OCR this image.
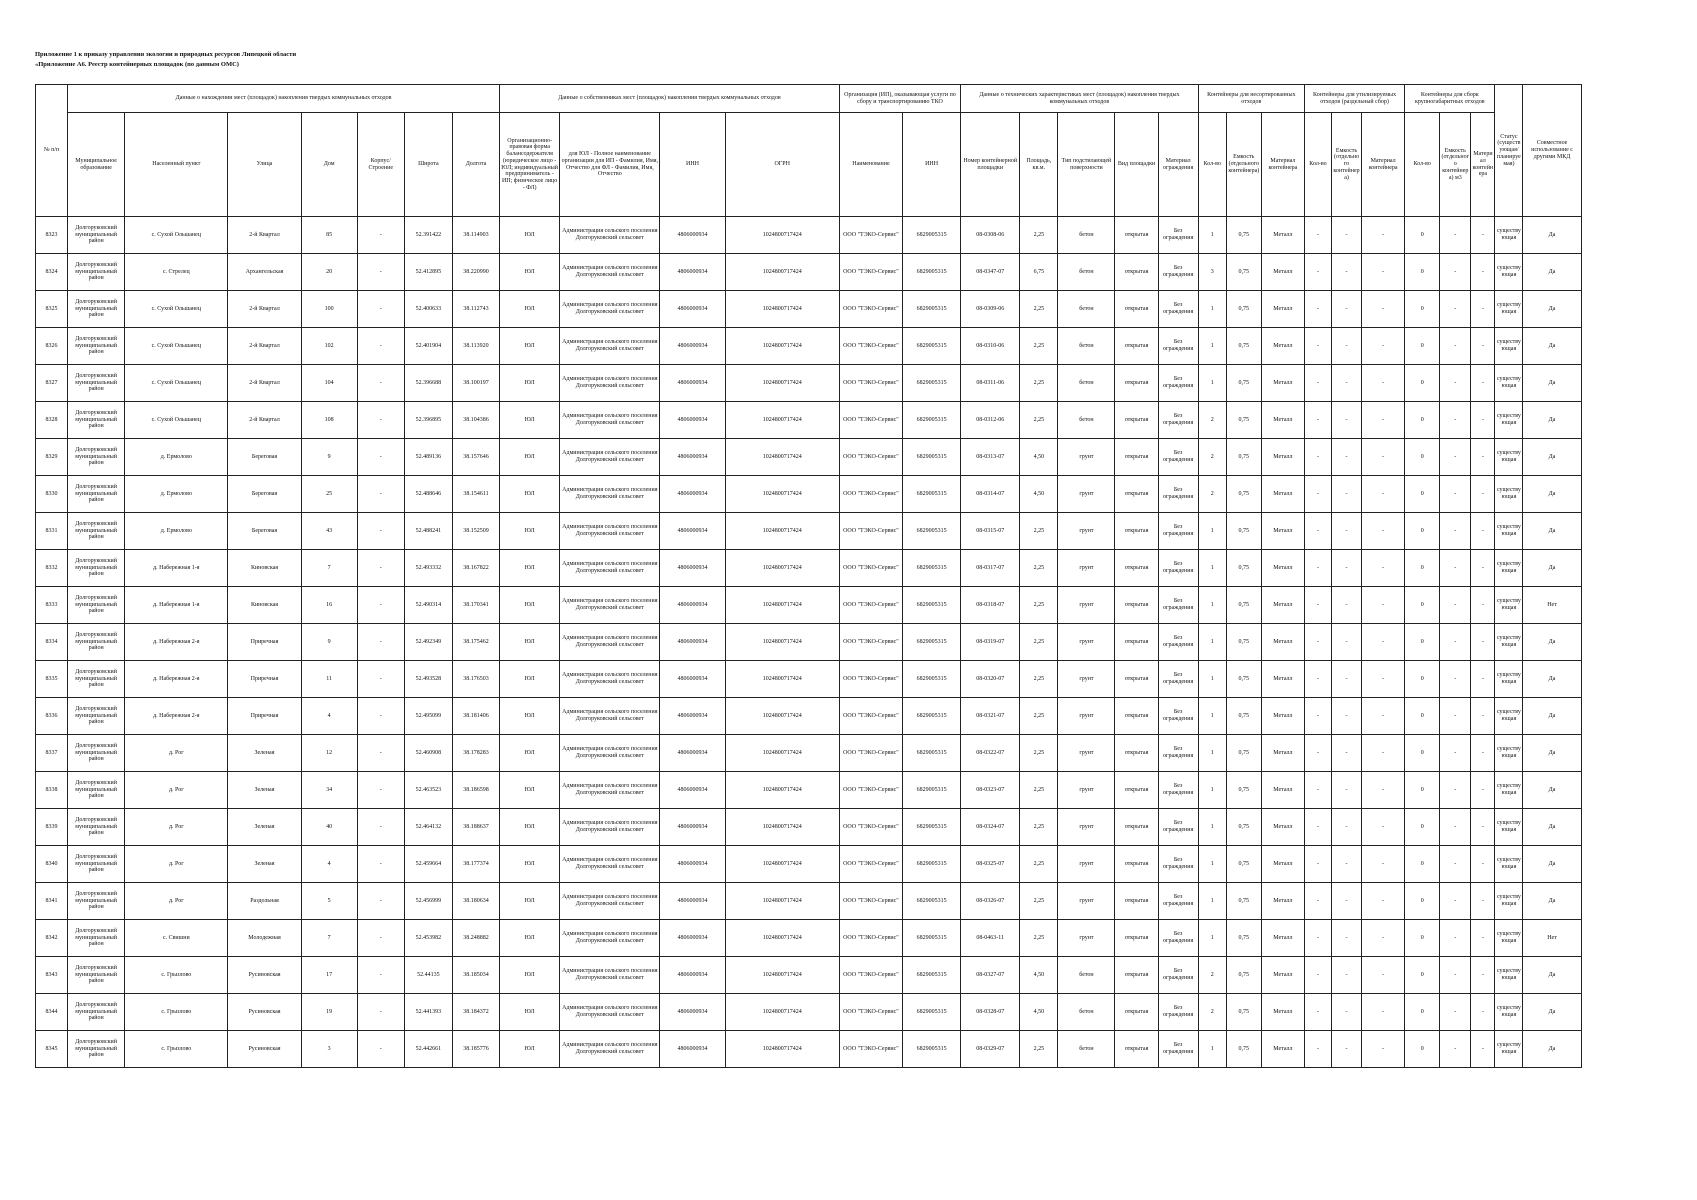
Приложение 1 к приказу управления экологии и природных ресурсов Липецкой области
«Приложение А6. Реестр контейнерных площадок (по данным ОМС)
№ п/п	Данные о нахождении мест (площадок) накопления твердых коммунальных отходов							Данные о собственниках мест (площадок) накопления твердых коммунальных отходов				Организация (ИП), оказывающая услуги по сбору и транспортированию ТКО		Данные о технических характеристиках мест (площадок) накопления твердых коммунальных отходов					Контейнеры для несортированных отходов			Контейнеры для утилизируемых отходов (раздельный сбор)			Контейнеры для сборк крупногабаритных отходов			Статус (существующая/ планируемая)	Совместное использование с другими МКД

	Муниципальное образование	Населенный пункт	Улица	Дом	Корпус/Строение	Широта	Долгота	Организационно-правовая форма балансодержателя (юридическое лицо - ЮЛ; индивидуальный предприниматель - ИП; физическое лицо - ФЛ)	для ЮЛ - Полное наименование организации для ИП - Фамилия, Имя, Отчество для ФЛ - Фамилия, Имя, Отчество	ИНН	ОГРН	Наименование	ИНН	Номер контейнерной площадки	Площадь, кв.м.	Тип подстилающей поверхности	Вид площадки	Материал ограждения	Кол-во	Емкость (отдельного контейнера)	Материал контейнера	Кол-во	Емкость (отдельного контейнера)	Материал контейнера	Кол-во	Емкость (отдельного контейнера) м3	Материал контейнера		
8323	Долгоруковский муниципальный район	с. Сухой Ольшанец	2-й Квартал	85	-	52.391422	38.114903	ЮЛ	Администрация сельского поселения Долгоруковский сельсовет	4806000934	1024800717424	ООО "ТЭКО-Сервис"	6829005315	08-0308-06	2,25	бетон	открытая	Без ограждения	1	0,75	Металл	-	-	-	0	-	-	существующая	Да
8324	Долгоруковский муниципальный район	с. Стрелец	Архангельская	20	-	52.412895	38.220990	ЮЛ	Администрация сельского поселения Долгоруковский сельсовет	4806000934	1024800717424	ООО "ТЭКО-Сервис"	6829005315	08-0347-07	6,75	бетон	открытая	Без ограждения	3	0,75	Металл	-	-	-	0	-	-	существующая	Да
8325	Долгоруковский муниципальный район	с. Сухой Ольшанец	2-й Квартал	100	-	52.400633	38.112743	ЮЛ	Администрация сельского поселения Долгоруковский сельсовет	4806000934	1024800717424	ООО "ТЭКО-Сервис"	6829005315	08-0309-06	2,25	бетон	открытая	Без ограждения	1	0,75	Металл	-	-	-	0	-	-	существующая	Да
8326	Долгоруковский муниципальный район	с. Сухой Ольшанец	2-й Квартал	102	-	52.401904	38.113920	ЮЛ	Администрация сельского поселения Долгоруковский сельсовет	4806000934	1024800717424	ООО "ТЭКО-Сервис"	6829005315	08-0310-06	2,25	бетон	открытая	Без ограждения	1	0,75	Металл	-	-	-	0	-	-	существующая	Да
8327	Долгоруковский муниципальный район	с. Сухой Ольшанец	2-й Квартал	104	-	52.396688	38.100197	ЮЛ	Администрация сельского поселения Долгоруковский сельсовет	4806000934	1024800717424	ООО "ТЭКО-Сервис"	6829005315	08-0311-06	2,25	бетон	открытая	Без ограждения	1	0,75	Металл	-	-	-	0	-	-	существующая	Да
8328	Долгоруковский муниципальный район	с. Сухой Ольшанец	2-й Квартал	108	-	52.396895	38.104386	ЮЛ	Администрация сельского поселения Долгоруковский сельсовет	4806000934	1024800717424	ООО "ТЭКО-Сервис"	6829005315	08-0312-06	2,25	бетон	открытая	Без ограждения	2	0,75	Металл	-	-	-	0	-	-	существующая	Да
8329	Долгоруковский муниципальный район	д. Ермолово	Береговая	9	-	52.489136	38.157646	ЮЛ	Администрация сельского поселения Долгоруковский сельсовет	4806000934	1024800717424	ООО "ТЭКО-Сервис"	6829005315	08-0313-07	4,50	грунт	открытая	Без ограждения	2	0,75	Металл	-	-	-	0	-	-	существующая	Да
8330	Долгоруковский муниципальный район	д. Ермолово	Береговая	25	-	52.488646	38.154611	ЮЛ	Администрация сельского поселения Долгоруковский сельсовет	4806000934	1024800717424	ООО "ТЭКО-Сервис"	6829005315	08-0314-07	4,50	грунт	открытая	Без ограждения	2	0,75	Металл	-	-	-	0	-	-	существующая	Да
8331	Долгоруковский муниципальный район	д. Ермолово	Береговая	43	-	52.488241	38.152509	ЮЛ	Администрация сельского поселения Долгоруковский сельсовет	4806000934	1024800717424	ООО "ТЭКО-Сервис"	6829005315	08-0315-07	2,25	грунт	открытая	Без ограждения	1	0,75	Металл	-	-	-	0	-	-	существующая	Да
8332	Долгоруковский муниципальный район	д. Набережная 1-я	Киновская	7	-	52.493332	38.167822	ЮЛ	Администрация сельского поселения Долгоруковский сельсовет	4806000934	1024800717424	ООО "ТЭКО-Сервис"	6829005315	08-0317-07	2,25	грунт	открытая	Без ограждения	1	0,75	Металл	-	-	-	0	-	-	существующая	Да
8333	Долгоруковский муниципальный район	д. Набережная 1-я	Киновская	16	-	52.490314	38.170341	ЮЛ	Администрация сельского поселения Долгоруковский сельсовет	4806000934	1024800717424	ООО "ТЭКО-Сервис"	6829005315	08-0318-07	2,25	грунт	открытая	Без ограждения	1	0,75	Металл	-	-	-	0	-	-	существующая	Нет
8334	Долгоруковский муниципальный район	д. Набережная 2-я	Приречная	9	-	52.492349	38.175462	ЮЛ	Администрация сельского поселения Долгоруковский сельсовет	4806000934	1024800717424	ООО "ТЭКО-Сервис"	6829005315	08-0319-07	2,25	грунт	открытая	Без ограждения	1	0,75	Металл	-	-	-	0	-	-	существующая	Да
8335	Долгоруковский муниципальный район	д. Набережная 2-я	Приречная	11	-	52.493528	38.176503	ЮЛ	Администрация сельского поселения Долгоруковский сельсовет	4806000934	1024800717424	ООО "ТЭКО-Сервис"	6829005315	08-0320-07	2,25	грунт	открытая	Без ограждения	1	0,75	Металл	-	-	-	0	-	-	существующая	Да
8336	Долгоруковский муниципальный район	д. Набережная 2-я	Приречная	4	-	52.495099	38.181406	ЮЛ	Администрация сельского поселения Долгоруковский сельсовет	4806000934	1024800717424	ООО "ТЭКО-Сервис"	6829005315	08-0321-07	2,25	грунт	открытая	Без ограждения	1	0,75	Металл	-	-	-	0	-	-	существующая	Да
8337	Долгоруковский муниципальный район	д. Рог	Зеленая	12	-	52.460908	38.178283	ЮЛ	Администрация сельского поселения Долгоруковский сельсовет	4806000934	1024800717424	ООО "ТЭКО-Сервис"	6829005315	08-0322-07	2,25	грунт	открытая	Без ограждения	1	0,75	Металл	-	-	-	0	-	-	существующая	Да
8338	Долгоруковский муниципальный район	д. Рог	Зеленая	34	-	52.463523	38.186598	ЮЛ	Администрация сельского поселения Долгоруковский сельсовет	4806000934	1024800717424	ООО "ТЭКО-Сервис"	6829005315	08-0323-07	2,25	грунт	открытая	Без ограждения	1	0,75	Металл	-	-	-	0	-	-	существующая	Да
8339	Долгоруковский муниципальный район	д. Рог	Зеленая	40	-	52.464132	38.188637	ЮЛ	Администрация сельского поселения Долгоруковский сельсовет	4806000934	1024800717424	ООО "ТЭКО-Сервис"	6829005315	08-0324-07	2,25	грунт	открытая	Без ограждения	1	0,75	Металл	-	-	-	0	-	-	существующая	Да
8340	Долгоруковский муниципальный район	д. Рог	Зеленая	4	-	52.459664	38.177374	ЮЛ	Администрация сельского поселения Долгоруковский сельсовет	4806000934	1024800717424	ООО "ТЭКО-Сервис"	6829005315	08-0325-07	2,25	грунт	открытая	Без ограждения	1	0,75	Металл	-	-	-	0	-	-	существующая	Да
8341	Долгоруковский муниципальный район	д. Рог	Раздольная	5	-	52.456999	38.180634	ЮЛ	Администрация сельского поселения Долгоруковский сельсовет	4806000934	1024800717424	ООО "ТЭКО-Сервис"	6829005315	08-0326-07	2,25	грунт	открытая	Без ограждения	1	0,75	Металл	-	-	-	0	-	-	существующая	Да
8342	Долгоруковский муниципальный район	с. Свишни	Молодежная	7	-	52.453982	38.248882	ЮЛ	Администрация сельского поселения Долгоруковский сельсовет	4806000934	1024800717424	ООО "ТЭКО-Сервис"	6829005315	08-0463-11	2,25	грунт	открытая	Без ограждения	1	0,75	Металл	-	-	-	0	-	-	существующая	Нет
8343	Долгоруковский муниципальный район	с. Грызлово	Русиновская	17	-	52.44135	38.185034	ЮЛ	Администрация сельского поселения Долгоруковский сельсовет	4806000934	1024800717424	ООО "ТЭКО-Сервис"	6829005315	08-0327-07	4,50	бетон	открытая	Без ограждения	2	0,75	Металл	-	-	-	0	-	-	существующая	Да
8344	Долгоруковский муниципальный район	с. Грызлово	Русиновская	19	-	52.441393	38.184372	ЮЛ	Администрация сельского поселения Долгоруковский сельсовет	4806000934	1024800717424	ООО "ТЭКО-Сервис"	6829005315	08-0328-07	4,50	бетон	открытая	Без ограждения	2	0,75	Металл	-	-	-	0	-	-	существующая	Да
8345	Долгоруковский муниципальный район	с. Грызлово	Русиновская	3	-	52.442661	38.185776	ЮЛ	Администрация сельского поселения Долгоруковский сельсовет	4806000934	1024800717424	ООО "ТЭКО-Сервис"	6829005315	08-0329-07	2,25	бетон	открытая	Без ограждения	1	0,75	Металл	-	-	-	0	-	-	существующая	Да
